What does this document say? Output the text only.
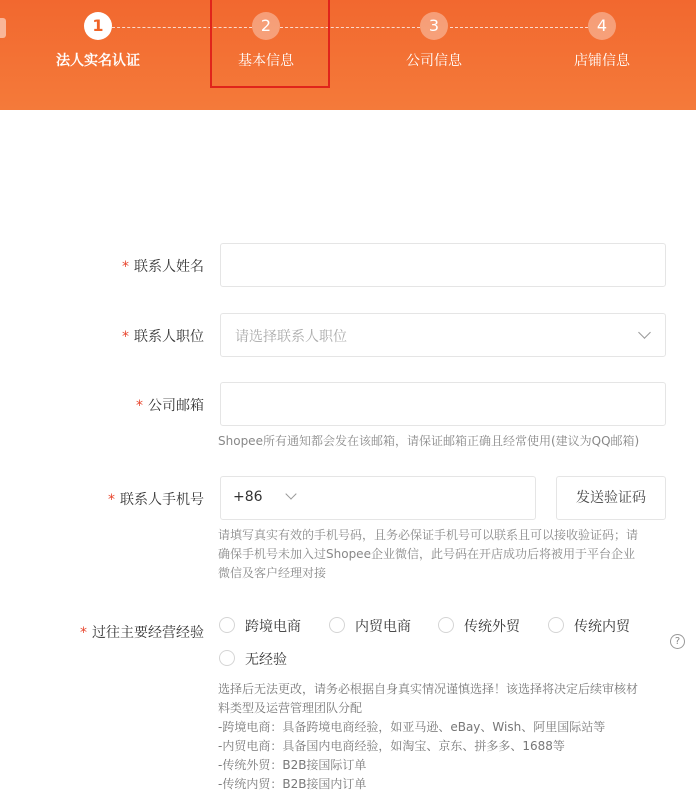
1
法人实名认证
2
基本信息
3
公司信息
4
店铺信息
* 联系人姓名
* 联系人职位 请选择联系人职位
* 公司邮箱
Shopee所有通知都会发在该邮箱，请保证邮箱正确且经常使用(建议为QQ邮箱)
* 联系人手机号 +86	发送验证码
请填写真实有效的手机号码，且务必保证手机号可以联系且可以接收验证码；请
确保手机号未加入过Shopee企业微信，此号码在开店成功后将被用于平台企业
微信及客户经理对接
* 过往主要经营经验	跨境电商	内贸电商	传统外贸	传统内贸
无经验
?
选择后无法更改，请务必根据自身真实情况谨慎选择！该选择将决定后续审核材
料类型及运营管理团队分配
-跨境电商：具备跨境电商经验，如亚马逊、eBay、Wish、阿里国际站等
-内贸电商：具备国内电商经验，如淘宝、京东、拼多多、1688等
-传统外贸：B2B接国际订单
-传统内贸：B2B接国内订单
